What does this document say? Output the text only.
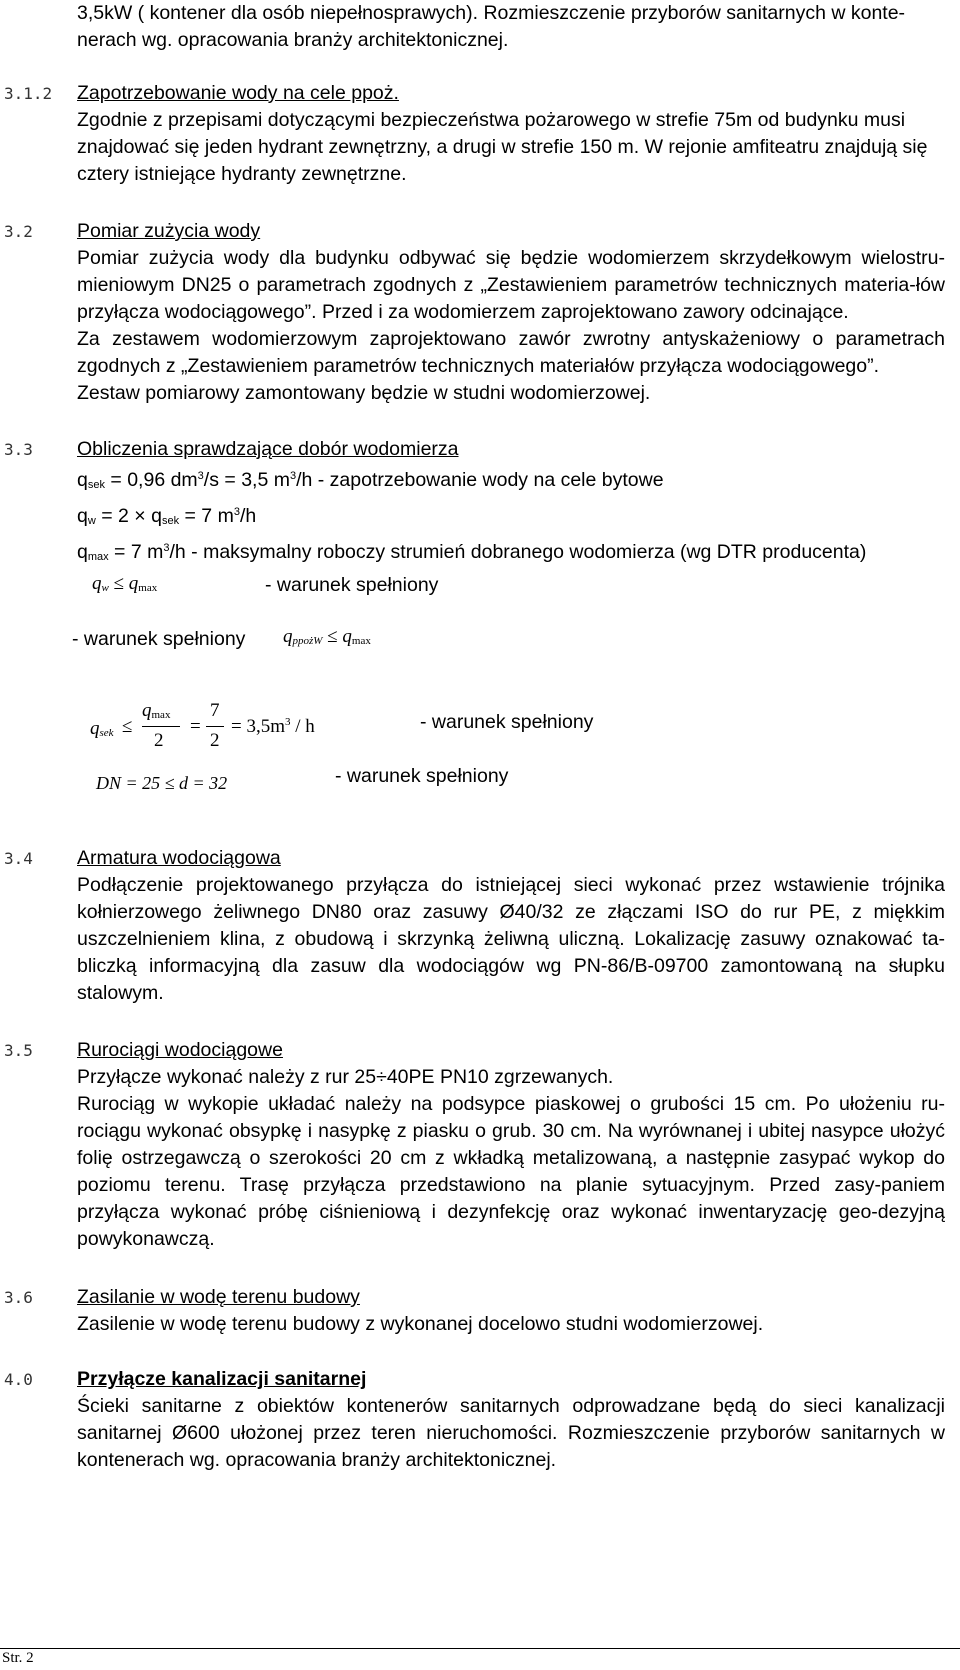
3,5kW ( kontener dla osób niepełnosprawych). Rozmieszczenie przyborów sanitarnych w konte-

nerach wg. opracowania branży architektonicznej.

3.1.2 Zapotrzebowanie wody na cele ppoż.

Zgodnie z przepisami dotyczącymi bezpieczeństwa pożarowego w strefie 75m od budynku musi znajdować się jeden hydrant zewnętrzny, a drugi w strefie 150 m. W rejonie amfiteatru znajdują się cztery istniejące hydranty zewnętrzne.

3.2 Pomiar zużycia wody

Pomiar zużycia wody dla budynku odbywać się będzie wodomierzem skrzydełkowym wielostru-mieniowym DN25 o parametrach zgodnych z „Zestawieniem parametrów technicznych materia-łów przyłącza wodociągowego”. Przed i za wodomierzem zaprojektowano zawory odcinające.

Za zestawem wodomierzowym zaprojektowano zawór zwrotny antyskażeniowy o parametrach zgodnych z „Zestawieniem parametrów technicznych materiałów przyłącza wodociągowego”.

Zestaw pomiarowy zamontowany będzie w studni wodomierzowej.

3.3 Obliczenia sprawdzające dobór wodomierza

$q_{sek} = 0,96$ $dm^3/s = 3,5$ $m^3/h$ - zapotrzebowanie wody na cele bytowe

$q_w = 2 \times q_{sek} = 7$ $m^3/h$

$q_{max} = 7$ $m^3/h$ - maksymalny roboczy strumień dobranego wodomierza (wg DTR producenta)

$q_w \le q_{max}$	- warunek spełniony
- warunek spełniony $q_{ppożW} \le q_{max}$
$q_{sek}$ ≤
$q_{max}$
2
=
7
2
= $3,5m^3$ / h	- warunek spełniony
DN = 25 ≤ d = 32	- warunek spełniony
3.4 Armatura wodociągowa

Podłączenie projektowanego przyłącza do istniejącej sieci wykonać przez wstawienie trójnika kołnierzowego żeliwnego DN80 oraz zasuwy Ø40/32 ze złączami ISO do rur PE, z miękkim uszczelnieniem klina, z obudową i skrzynką żeliwną uliczną. Lokalizację zasuwy oznakować ta-bliczką informacyjną dla zasuw dla wodociągów wg PN-86/B-09700 zamontowaną na słupku stalowym.

3.5 Rurociągi wodociągowe

Przyłącze wykonać należy z rur 25÷40PE PN10 zgrzewanych.

Rurociąg w wykopie układać należy na podsypce piaskowej o grubości 15 cm. Po ułożeniu ru-rociągu wykonać obsypkę i nasypkę z piasku o grub. 30 cm. Na wyrównanej i ubitej nasypce ułożyć folię ostrzegawczą o szerokości 20 cm z wkładką metalizowaną, a następnie zasypać wykop do poziomu terenu. Trasę przyłącza przedstawiono na planie sytuacyjnym. Przed zasy-paniem przyłącza wykonać próbę ciśnieniową i dezynfekcję oraz wykonać inwentaryzację geo-dezyjną powykonawczą.

3.6 Zasilanie w wodę terenu budowy

Zasilenie w wodę terenu budowy z wykonanej docelowo studni wodomierzowej.

4.0 Przyłącze kanalizacji sanitarnej

Ścieki sanitarne z obiektów kontenerów sanitarnych odprowadzane będą do sieci kanalizacji sanitarnej Ø600 ułożonej przez teren nieruchomości. Rozmieszczenie przyborów sanitarnych w kontenerach wg. opracowania branży architektonicznej.

Str. 2
